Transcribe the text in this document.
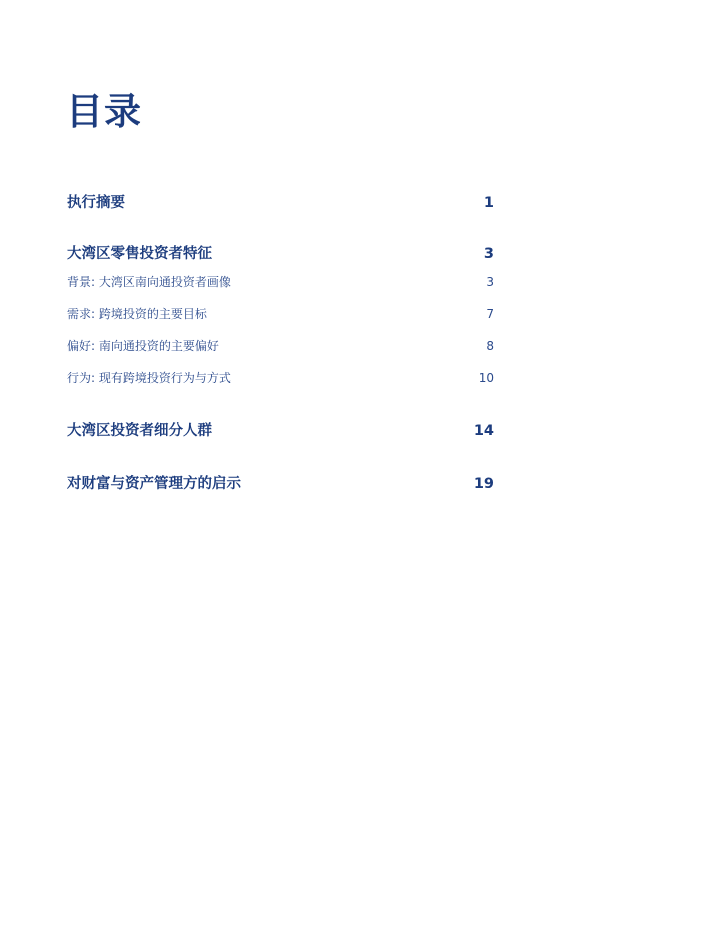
目录
执行摘要	1
大湾区零售投资者特征	3
背景: 大湾区南向通投资者画像	3
需求: 跨境投资的主要目标	7
偏好: 南向通投资的主要偏好	8
行为: 现有跨境投资行为与方式	10
大湾区投资者细分人群	14
对财富与资产管理方的启示	19
